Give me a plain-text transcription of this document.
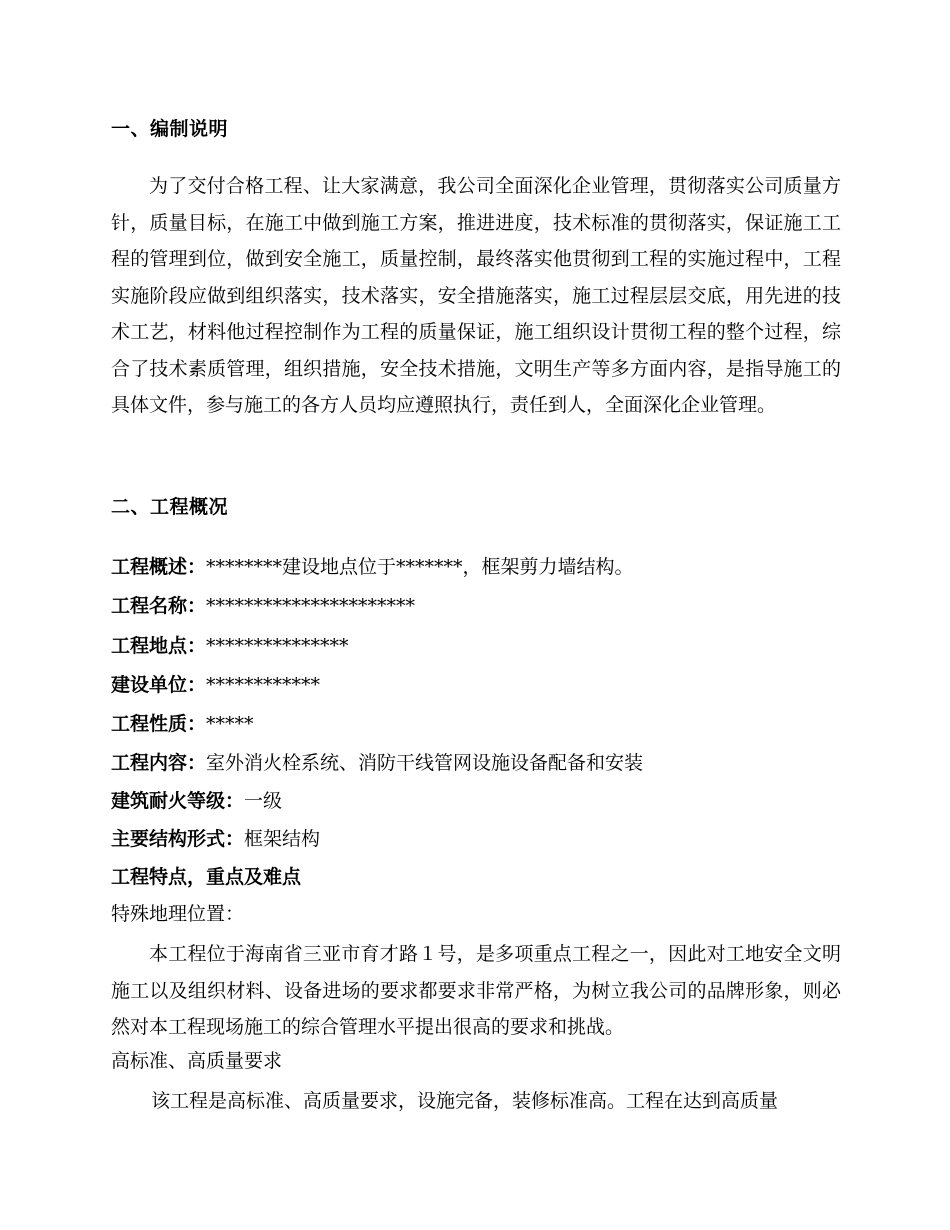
一、编制说明

为了交付合格工程、让大家满意，我公司全面深化企业管理，贯彻落实公司质量方针，质量目标，在施工中做到施工方案，推进进度，技术标准的贯彻落实，保证施工工程的管理到位，做到安全施工，质量控制，最终落实他贯彻到工程的实施过程中，工程实施阶段应做到组织落实，技术落实，安全措施落实，施工过程层层交底，用先进的技术工艺，材料他过程控制作为工程的质量保证，施工组织设计贯彻工程的整个过程，综合了技术素质管理，组织措施，安全技术措施，文明生产等多方面内容，是指导施工的具体文件，参与施工的各方人员均应遵照执行，责任到人，全面深化企业管理。

二、工程概况
工程概述：********建设地点位于*******，框架剪力墙结构。
工程名称：**********************
工程地点：***************
建设单位：************
工程性质：*****
工程内容：室外消火栓系统、消防干线管网设施设备配备和安装
建筑耐火等级：一级
主要结构形式：框架结构
工程特点，重点及难点
特殊地理位置：

本工程位于海南省三亚市育才路１号，是多项重点工程之一，因此对工地安全文明施工以及组织材料、设备进场的要求都要求非常严格，为树立我公司的品牌形象，则必然对本工程现场施工的综合管理水平提出很高的要求和挑战。

高标准、高质量要求

该工程是高标准、高质量要求，设施完备，装修标准高。工程在达到高质量
